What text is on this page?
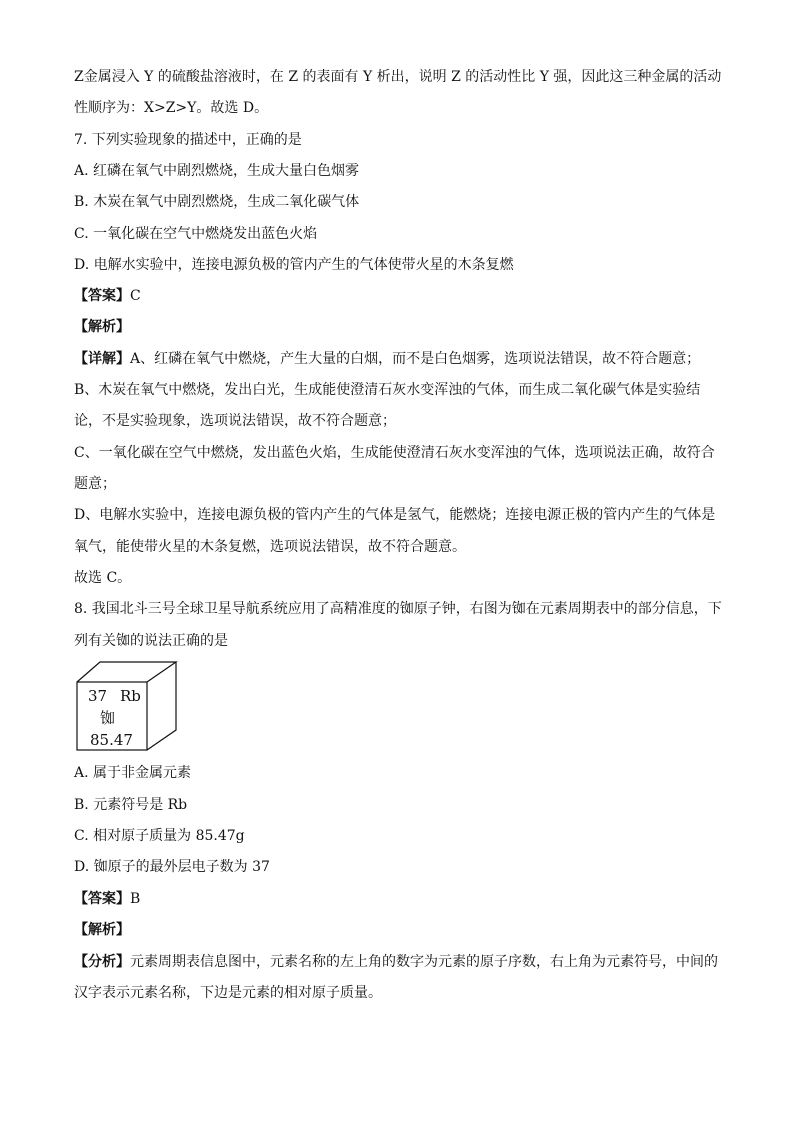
Z金属浸入 Y 的硫酸盐溶液时，在 Z 的表面有 Y 析出，说明 Z 的活动性比 Y 强，因此这三种金属的活动
性顺序为：X>Z>Y。故选 D。
7. 下列实验现象的描述中，正确的是
A. 红磷在氧气中剧烈燃烧，生成大量白色烟雾
B. 木炭在氧气中剧烈燃烧，生成二氧化碳气体
C. 一氧化碳在空气中燃烧发出蓝色火焰
D. 电解水实验中，连接电源负极的管内产生的气体使带火星的木条复燃
【答案】C
【解析】
【详解】A、红磷在氧气中燃烧，产生大量的白烟，而不是白色烟雾，选项说法错误，故不符合题意；
B、木炭在氧气中燃烧，发出白光，生成能使澄清石灰水变浑浊的气体，而生成二氧化碳气体是实验结
论，不是实验现象，选项说法错误，故不符合题意；
C、一氧化碳在空气中燃烧，发出蓝色火焰，生成能使澄清石灰水变浑浊的气体，选项说法正确，故符合
题意；
D、电解水实验中，连接电源负极的管内产生的气体是氢气，能燃烧；连接电源正极的管内产生的气体是
氧气，能使带火星的木条复燃，选项说法错误，故不符合题意。
故选 C。
8. 我国北斗三号全球卫星导航系统应用了高精准度的铷原子钟，右图为铷在元素周期表中的部分信息，下
列有关铷的说法正确的是
37 Rb
铷
85.47
A. 属于非金属元素
B. 元素符号是 Rb
C. 相对原子质量为 85.47g
D. 铷原子的最外层电子数为 37
【答案】B
【解析】
【分析】元素周期表信息图中，元素名称的左上角的数字为元素的原子序数，右上角为元素符号，中间的
汉字表示元素名称，下边是元素的相对原子质量。
